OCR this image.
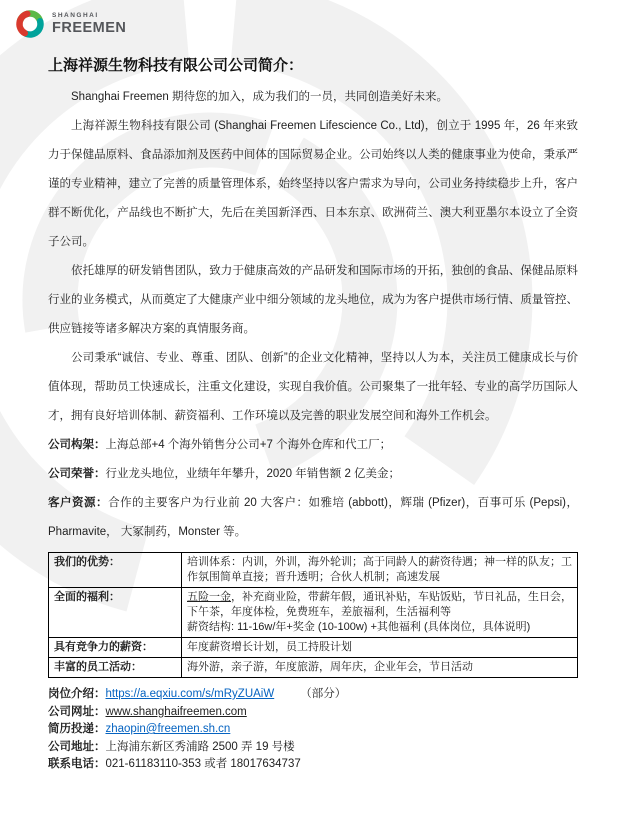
SHANGHAI
FREEMEN
上海祥源生物科技有限公司公司简介：

Shanghai Freemen 期待您的加入，成为我们的一员，共同创造美好未来。

上海祥源生物科技有限公司 (Shanghai Freemen Lifescience Co., Ltd)，创立于 1995 年，26 年来致力于保健品原料、食品添加剂及医药中间体的国际贸易企业。公司始终以人类的健康事业为使命，秉承严谨的专业精神，建立了完善的质量管理体系，始终坚持以客户需求为导向，公司业务持续稳步上升，客户群不断优化，产品线也不断扩大，先后在美国新泽西、日本东京、欧洲荷兰、澳大利亚墨尔本设立了全资子公司。

依托雄厚的研发销售团队，致力于健康高效的产品研发和国际市场的开拓，独创的食品、保健品原料行业的业务模式，从而奠定了大健康产业中细分领域的龙头地位，成为为客户提供市场行情、质量管控、供应链接等诸多解决方案的真情服务商。

公司秉承“诚信、专业、尊重、团队、创新”的企业文化精神，坚持以人为本，关注员工健康成长与价值体现，帮助员工快速成长，注重文化建设，实现自我价值。公司聚集了一批年轻、专业的高学历国际人才，拥有良好培训体制、薪资福利、工作环境以及完善的职业发展空间和海外工作机会。

公司构架：上海总部+4 个海外销售分公司+7 个海外仓库和代工厂；

公司荣誉：行业龙头地位，业绩年年攀升，2020 年销售额 2 亿美金；

客户资源：合作的主要客户为行业前 20 大客户：如雅培 (abbott)，辉瑞 (Pfizer)，百事可乐 (Pepsi)，Pharmavite， 大冢制药，Monster 等。

我们的优势：	培训体系：内训，外训，海外轮训；高于同龄人的薪资待遇；神一样的队友；工作氛围简单直接；晋升透明；合伙人机制；高速发展
全面的福利：	五险一金，补充商业险，带薪年假，通讯补贴，车贴饭贴，节日礼品，生日会，下午茶，年度体检，免费班车，差旅福利，生活福利等
薪资结构: 11-16w/年+奖金 (10-100w) +其他福利 (具体岗位，具体说明)

具有竞争力的薪资：	年度薪资增长计划，员工持股计划
丰富的员工活动：	海外游，亲子游，年度旅游，周年庆，企业年会，节日活动
岗位介绍：https://a.eqxiu.com/s/mRyZUAiW （部分）
公司网址：www.shanghaifreemen.com
简历投递：zhaopin@freemen.sh.cn
公司地址：上海浦东新区秀浦路 2500 弄 19 号楼
联系电话：021-61183110-353 或者 18017634737
